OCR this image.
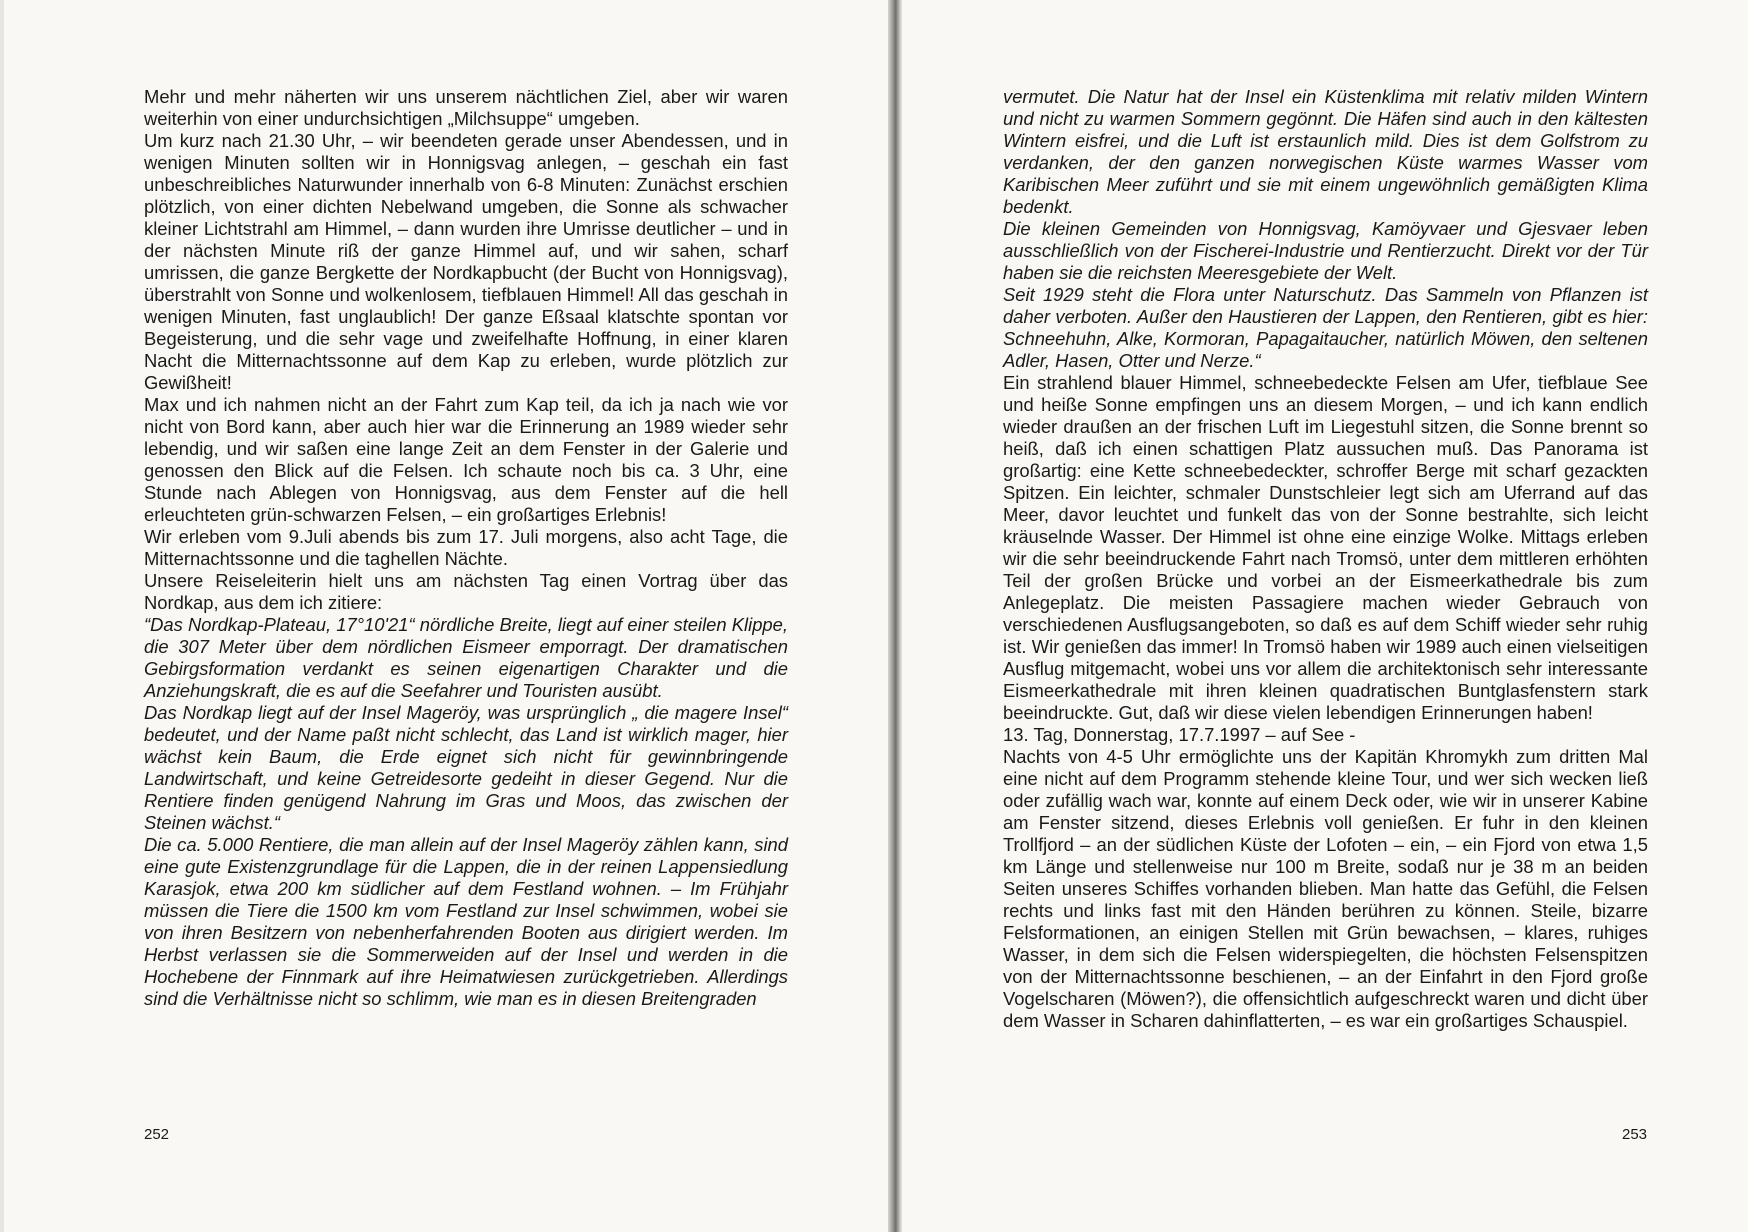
Mehr und mehr näherten wir uns unserem nächtlichen Ziel, aber wir waren weiterhin von einer undurchsichtigen „Milchsuppe“ umgeben.

Um kurz nach 21.30 Uhr, – wir beendeten gerade unser Abendessen, und in wenigen Minuten sollten wir in Honnigsvag anlegen, – geschah ein fast unbeschreibliches Naturwunder innerhalb von 6-8 Minuten: Zunächst erschien plötzlich, von einer dichten Nebelwand umgeben, die Sonne als schwacher kleiner Lichtstrahl am Himmel, – dann wurden ihre Umrisse deutlicher – und in der nächsten Minute riß der ganze Himmel auf, und wir sahen, scharf umrissen, die ganze Bergkette der Nordkapbucht (der Bucht von Honnigsvag), überstrahlt von Sonne und wolkenlosem, tiefblauen Himmel! All das geschah in wenigen Minuten, fast unglaublich! Der ganze Eßsaal klatschte spontan vor Begeisterung, und die sehr vage und zweifelhafte Hoffnung, in einer klaren Nacht die Mitternachtssonne auf dem Kap zu erleben, wurde plötzlich zur Gewißheit!

Max und ich nahmen nicht an der Fahrt zum Kap teil, da ich ja nach wie vor nicht von Bord kann, aber auch hier war die Erinnerung an 1989 wieder sehr lebendig, und wir saßen eine lange Zeit an dem Fenster in der Galerie und genossen den Blick auf die Felsen. Ich schaute noch bis ca. 3 Uhr, eine Stunde nach Ablegen von Honnigsvag, aus dem Fenster auf die hell erleuchteten grün-schwarzen Felsen, – ein großartiges Erlebnis!

Wir erleben vom 9.Juli abends bis zum 17. Juli morgens, also acht Tage, die Mitternachtssonne und die taghellen Nächte.

Unsere Reiseleiterin hielt uns am nächsten Tag einen Vortrag über das Nordkap, aus dem ich zitiere:

“Das Nordkap-Plateau, 17°10'21“ nördliche Breite, liegt auf einer steilen Klippe, die 307 Meter über dem nördlichen Eismeer emporragt. Der dramatischen Gebirgsformation verdankt es seinen eigenartigen Charakter und die Anziehungskraft, die es auf die Seefahrer und Touristen ausübt.

Das Nordkap liegt auf der Insel Mageröy, was ursprünglich „ die magere Insel“ bedeutet, und der Name paßt nicht schlecht, das Land ist wirklich mager, hier wächst kein Baum, die Erde eignet sich nicht für gewinnbringende Landwirtschaft, und keine Getreidesorte gedeiht in dieser Gegend. Nur die Rentiere finden genügend Nahrung im Gras und Moos, das zwischen der Steinen wächst.“

Die ca. 5.000 Rentiere, die man allein auf der Insel Mageröy zählen kann, sind eine gute Existenzgrundlage für die Lappen, die in der reinen Lappensiedlung Karasjok, etwa 200 km südlicher auf dem Festland wohnen. – Im Frühjahr müssen die Tiere die 1500 km vom Festland zur Insel schwimmen, wobei sie von ihren Besitzern von nebenherfahrenden Booten aus dirigiert werden. Im Herbst verlassen sie die Sommerweiden auf der Insel und werden in die Hochebene der Finnmark auf ihre Heimatwiesen zurückgetrieben. Allerdings sind die Verhältnisse nicht so schlimm, wie man es in diesen Breitengraden

252

vermutet. Die Natur hat der Insel ein Küstenklima mit relativ milden Wintern und nicht zu warmen Sommern gegönnt. Die Häfen sind auch in den kältesten Wintern eisfrei, und die Luft ist erstaunlich mild. Dies ist dem Golfstrom zu verdanken, der den ganzen norwegischen Küste warmes Wasser vom Karibischen Meer zuführt und sie mit einem ungewöhnlich gemäßigten Klima bedenkt.

Die kleinen Gemeinden von Honnigsvag, Kamöyvaer und Gjesvaer leben ausschließlich von der Fischerei-Industrie und Rentierzucht. Direkt vor der Tür haben sie die reichsten Meeresgebiete der Welt.

Seit 1929 steht die Flora unter Naturschutz. Das Sammeln von Pflanzen ist daher verboten. Außer den Haustieren der Lappen, den Rentieren, gibt es hier: Schneehuhn, Alke, Kormoran, Papagaitaucher, natürlich Möwen, den seltenen Adler, Hasen, Otter und Nerze.“

Ein strahlend blauer Himmel, schneebedeckte Felsen am Ufer, tiefblaue See und heiße Sonne empfingen uns an diesem Morgen, – und ich kann endlich wieder draußen an der frischen Luft im Liegestuhl sitzen, die Sonne brennt so heiß, daß ich einen schattigen Platz aussuchen muß. Das Panorama ist großartig: eine Kette schneebedeckter, schroffer Berge mit scharf gezackten Spitzen. Ein leichter, schmaler Dunstschleier legt sich am Uferrand auf das Meer, davor leuchtet und funkelt das von der Sonne bestrahlte, sich leicht kräuselnde Wasser. Der Himmel ist ohne eine einzige Wolke. Mittags erleben wir die sehr beeindruckende Fahrt nach Tromsö, unter dem mittleren erhöhten Teil der großen Brücke und vorbei an der Eismeerkathedrale bis zum Anlegeplatz. Die meisten Passagiere machen wieder Gebrauch von verschiedenen Ausflugsangeboten, so daß es auf dem Schiff wieder sehr ruhig ist. Wir genießen das immer! In Tromsö haben wir 1989 auch einen vielseitigen Ausflug mitgemacht, wobei uns vor allem die architektonisch sehr interessante Eismeerkathedrale mit ihren kleinen quadratischen Buntglasfenstern stark beeindruckte. Gut, daß wir diese vielen lebendigen Erinnerungen haben!

13. Tag, Donnerstag, 17.7.1997 – auf See -

Nachts von 4-5 Uhr ermöglichte uns der Kapitän Khromykh zum dritten Mal eine nicht auf dem Programm stehende kleine Tour, und wer sich wecken ließ oder zufällig wach war, konnte auf einem Deck oder, wie wir in unserer Kabine am Fenster sitzend, dieses Erlebnis voll genießen. Er fuhr in den kleinen Trollfjord – an der südlichen Küste der Lofoten – ein, – ein Fjord von etwa 1,5 km Länge und stellenweise nur 100 m Breite, sodaß nur je 38 m an beiden Seiten unseres Schiffes vorhanden blieben. Man hatte das Gefühl, die Felsen rechts und links fast mit den Händen berühren zu können. Steile, bizarre Felsformationen, an einigen Stellen mit Grün bewachsen, – klares, ruhiges Wasser, in dem sich die Felsen widerspiegelten, die höchsten Felsenspitzen von der Mitternachtssonne beschienen, – an der Einfahrt in den Fjord große Vogelscharen (Möwen?), die offensichtlich aufgeschreckt waren und dicht über dem Wasser in Scharen dahinflatterten, – es war ein großartiges Schauspiel.

253
